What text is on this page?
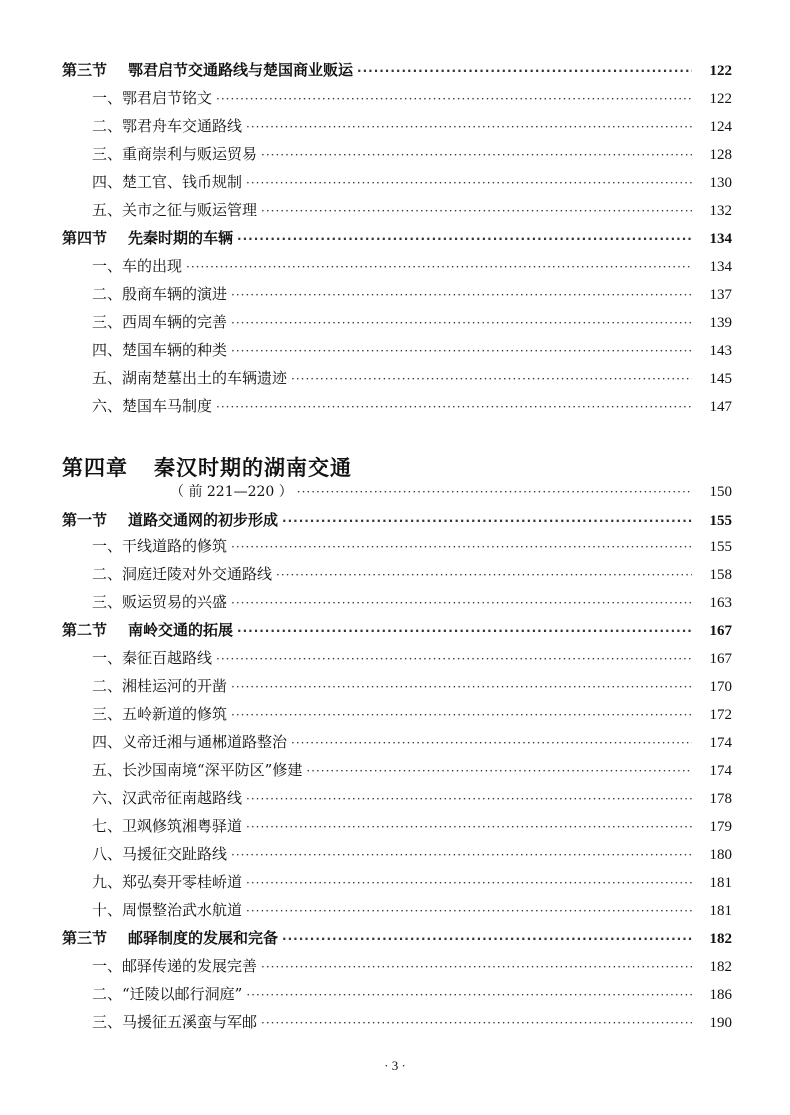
第三节 鄂君启节交通路线与楚国商业贩运 ·····	122
一、鄂君启节铭文 ·····	122
二、鄂君舟车交通路线 ·····	124
三、重商崇利与贩运贸易 ·····	128
四、楚工官、钱币规制 ·····	130
五、关市之征与贩运管理 ·····	132
第四节 先秦时期的车辆 ·····	134
一、车的出现 ·····	134
二、殷商车辆的演进 ·····	137
三、西周车辆的完善 ·····	139
四、楚国车辆的种类 ·····	143
五、湖南楚墓出土的车辆遗迹 ·····	145
六、楚国车马制度 ·····	147
第四章 秦汉时期的湖南交通
（ 前 221—220 ） ·····	150
第一节 道路交通网的初步形成 ·····	155
一、干线道路的修筑 ·····	155
二、洞庭迁陵对外交通路线 ·····	158
三、贩运贸易的兴盛 ·····	163
第二节 南岭交通的拓展 ·····	167
一、秦征百越路线 ·····	167
二、湘桂运河的开凿 ·····	170
三、五岭新道的修筑 ·····	172
四、义帝迁湘与通郴道路整治 ·····	174
五、长沙国南境“深平防区”修建 ·····	174
六、汉武帝征南越路线 ·····	178
七、卫飒修筑湘粤驿道 ·····	179
八、马援征交趾路线 ·····	180
九、郑弘奏开零桂峤道 ·····	181
十、周憬整治武水航道 ·····	181
第三节 邮驿制度的发展和完备 ·····	182
一、邮驿传递的发展完善 ·····	182
二、“迁陵以邮行洞庭” ·····	186
三、马援征五溪蛮与军邮 ·····	190
· 3 ·
